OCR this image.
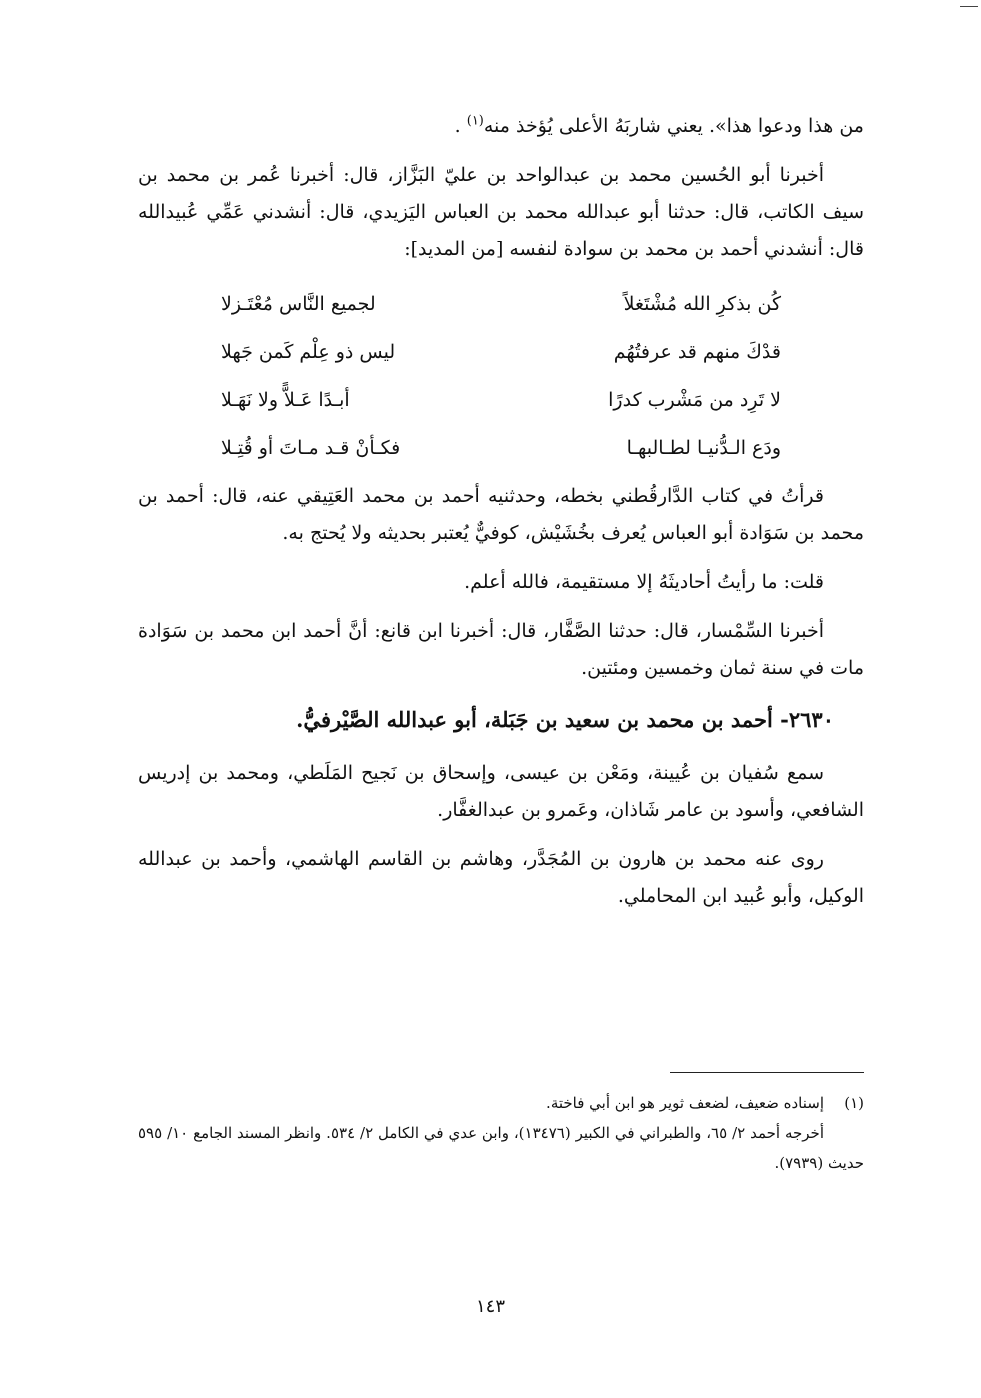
من هذا ودعوا هذا». يعني شاربَهُ الأعلى يُؤخذ منه$^{(١)}$ .

أخبرنا أبو الحُسين محمد بن عبدالواحد بن عليّ البَزَّاز، قال: أخبرنا عُمر بن محمد بن سيف الكاتب، قال: حدثنا أبو عبدالله محمد بن العباس اليَزيدي، قال: أنشدني عَمِّي عُبيدالله قال: أنشدني أحمد بن محمد بن سوادة لنفسه [من المديد]:

كُن بذكرِ الله مُشْتَغلاً
لجميع النَّاس مُعْتَـزلا
قدْكَ منهم قد عرفتُهُم
ليس ذو عِلْم كَمن جَهلا
لا تَرِد من مَشْرب كدرًا
أبـدًا عَـلاًّ ولا نَهَـلا
ودَع الـدُّنيـا لطـالبهـا
فكـأنْ قـد مـاتَ أو قُتِـلا

قرأتُ في كتاب الدَّارقُطني بخطه، وحدثنيه أحمد بن محمد العَتِيقي عنه، قال: أحمد بن محمد بن سَوَادة أبو العباس يُعرف بخُشَيْش، كوفيٌّ يُعتبر بحديثه ولا يُحتج به.

قلت: ما رأيتُ أحاديثَهُ إلا مستقيمة، فالله أعلم.

أخبرنا السِّمْسار، قال: حدثنا الصَّفَّار، قال: أخبرنا ابن قانع: أنَّ أحمد ابن محمد بن سَوَادة مات في سنة ثمان وخمسين ومئتين.

٢٦٣٠- أحمد بن محمد بن سعيد بن جَبَلة، أبو عبدالله الصَّيْرفيُّ.

سمع سُفيان بن عُيينة، ومَعْن بن عيسى، وإسحاق بن نَجيح المَلَطي، ومحمد بن إدريس الشافعي، وأسود بن عامر شَاذان، وعَمرو بن عبدالغفَّار.

روى عنه محمد بن هارون بن المُجَدَّر، وهاشم بن القاسم الهاشمي، وأحمد بن عبدالله الوكيل، وأبو عُبيد ابن المحاملي.

(١)إسناده ضعيف، لضعف ثوير هو ابن أبي فاختة.
أخرجه أحمد ٢/ ٦٥، والطبراني في الكبير (١٣٤٧٦)، وابن عدي في الكامل ٢/ ٥٣٤. وانظر المسند الجامع ١٠/ ٥٩٥ حديث (٧٩٣٩).
١٤٣
